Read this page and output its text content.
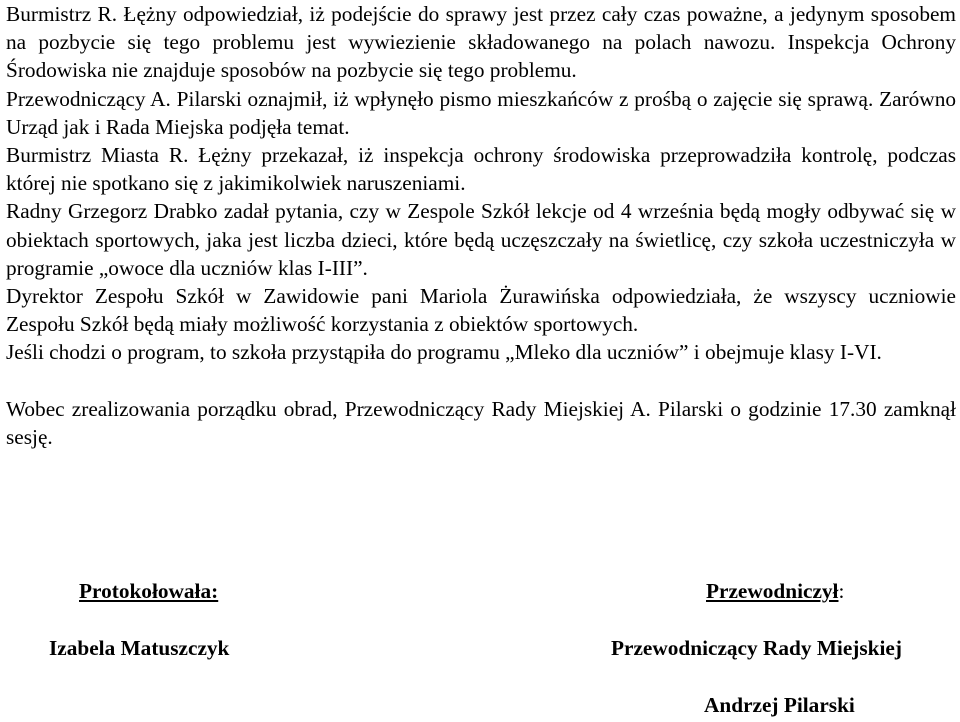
Burmistrz R. Łężny odpowiedział, iż podejście do sprawy jest przez cały czas poważne, a jedynym sposobem na pozbycie się tego problemu jest wywiezienie składowanego na polach nawozu. Inspekcja Ochrony Środowiska nie znajduje sposobów na pozbycie się tego problemu.

Przewodniczący A. Pilarski oznajmił, iż wpłynęło pismo mieszkańców z prośbą o zajęcie się sprawą. Zarówno Urząd jak i Rada Miejska podjęła temat.

Burmistrz Miasta R. Łężny przekazał, iż inspekcja ochrony środowiska przeprowadziła kontrolę, podczas której nie spotkano się z jakimikolwiek naruszeniami.

Radny Grzegorz Drabko zadał pytania, czy w Zespole Szkół lekcje od 4 września będą mogły odbywać się w obiektach sportowych, jaka jest liczba dzieci, które będą uczęszczały na świetlicę, czy szkoła uczestniczyła w programie „owoce dla uczniów klas I-III”.

Dyrektor Zespołu Szkół w Zawidowie pani Mariola Żurawińska odpowiedziała, że wszyscy uczniowie Zespołu Szkół będą miały możliwość korzystania z obiektów sportowych.

Jeśli chodzi o program, to szkoła przystąpiła do programu „Mleko dla uczniów” i obejmuje klasy I-VI.

Wobec zrealizowania porządku obrad, Przewodniczący Rady Miejskiej A. Pilarski o godzinie 17.30 zamknął sesję.

Protokołowała:
Izabela Matuszczyk
Przewodniczył:
Przewodniczący Rady Miejskiej
Andrzej Pilarski
